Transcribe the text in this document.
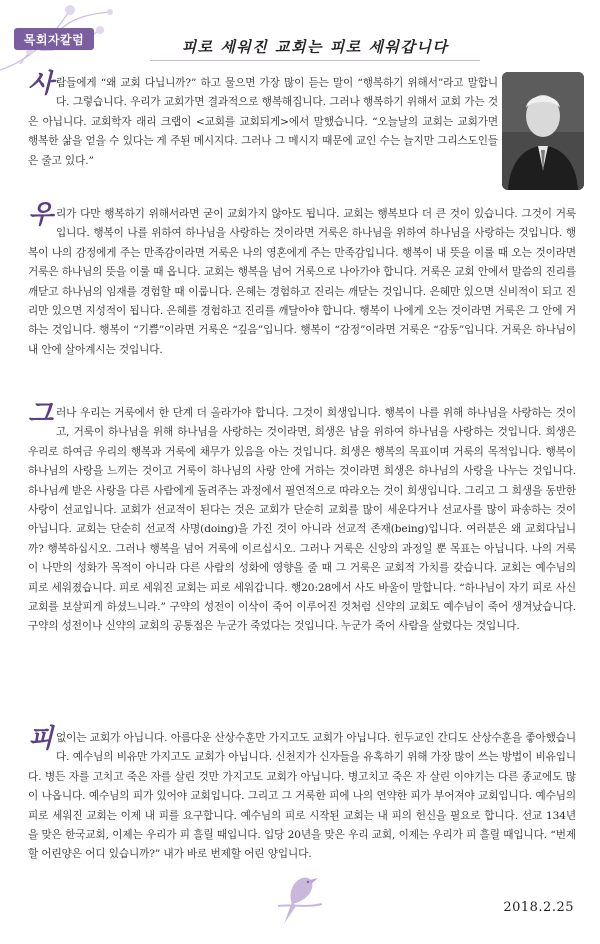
목회자칼럼	피로 세워진 교회는 피로 세워갑니다
사 람들에게 “왜 교회 다닙니까?” 하고 물으면 가장 많이 듣는 말이 “행복하기 위해서”라고 말합니다. 그렇습니다. 우리가 교회가면 결과적으로 행복해집니다. 그러나 행복하기 위해서 교회 가는 것은 아닙니다. 교회학자 래리 크랩이 <교회를 교회되게>에서 말했습니다. “오늘날의 교회는 교회가면 행복한 삶을 얻을 수 있다는 게 주된 메시지다. 그러나 그 메시지 때문에 교인 수는 늘지만 그리스도인들은 줄고 있다.”
우 리가 다만 행복하기 위해서라면 굳이 교회가지 않아도 됩니다. 교회는 행복보다 더 큰 것이 있습니다. 그것이 거룩입니다. 행복이 나를 위하여 하나님을 사랑하는 것이라면 거룩은 하나님을 위하여 하나님을 사랑하는 것입니다. 행복이 나의 감정에게 주는 만족감이라면 거룩은 나의 영혼에게 주는 만족감입니다. 행복이 내 뜻을 이룰 때 오는 것이라면 거룩은 하나님의 뜻을 이룰 때 옵니다. 교회는 행복을 넘어 거룩으로 나아가야 합니다. 거룩은 교회 안에서 말씀의 진리를 깨닫고 하나님의 임재를 경험할 때 이룹니다. 은혜는 경험하고 진리는 깨닫는 것입니다. 은혜만 있으면 신비적이 되고 진리만 있으면 지성적이 됩니다. 은혜를 경험하고 진리를 깨달아야 합니다. 행복이 나에게 오는 것이라면 거룩은 그 안에 거하는 것입니다. 행복이 “기쁨”이라면 거룩은 “깊음”입니다. 행복이 “감정”이라면 거룩은 “감동”입니다. 거룩은 하나님이 내 안에 살아계시는 것입니다.
그 러나 우리는 거룩에서 한 단계 더 올라가야 합니다. 그것이 희생입니다. 행복이 나를 위해 하나님을 사랑하는 것이고, 거룩이 하나님을 위해 하나님을 사랑하는 것이라면, 희생은 남을 위하여 하나님을 사랑하는 것입니다. 희생은 우리로 하여금 우리의 행복과 거룩에 채무가 있음을 아는 것입니다. 희생은 행복의 목표이며 거룩의 목적입니다. 행복이 하나님의 사랑을 느끼는 것이고 거룩이 하나님의 사랑 안에 거하는 것이라면 희생은 하나님의 사랑을 나누는 것입니다. 하나님께 받은 사랑을 다른 사람에게 돌려주는 과정에서 필연적으로 따라오는 것이 희생입니다. 그리고 그 희생을 동반한 사랑이 선교입니다. 교회가 선교적이 된다는 것은 교회가 단순히 교회를 많이 세운다거나 선교사를 많이 파송하는 것이 아닙니다. 교회는 단순히 선교적 사명(doing)을 가진 것이 아니라 선교적 존재(being)입니다. 여러분은 왜 교회다닙니까? 행복하십시오. 그러나 행복을 넘어 거룩에 이르십시오. 그러나 거룩은 신앙의 과정일 뿐 목표는 아닙니다. 나의 거룩이 나만의 성화가 목적이 아니라 다른 사람의 성화에 영향을 줄 때 그 거룩은 교회적 가치를 갖습니다. 교회는 예수님의 피로 세워졌습니다. 피로 세워진 교회는 피로 세워갑니다. 행20:28에서 사도 바울이 말합니다. “하나님이 자기 피로 사신 교회를 보살피게 하셨느니라.” 구약의 성전이 이삭이 죽어 이루어진 것처럼 신약의 교회도 예수님이 죽어 생겨났습니다. 구약의 성전이나 신약의 교회의 공통점은 누군가 죽었다는 것입니다. 누군가 죽어 사람을 살렸다는 것입니다.
피 없이는 교회가 아닙니다. 아름다운 산상수훈만 가지고도 교회가 아닙니다. 힌두교인 간디도 산상수훈을 좋아했습니다. 예수님의 비유만 가지고도 교회가 아닙니다. 신천지가 신자들을 유혹하기 위해 가장 많이 쓰는 방법이 비유입니다. 병든 자를 고치고 죽은 자를 살린 것만 가지고도 교회가 아닙니다. 병고치고 죽은 자 살린 이야기는 다른 종교에도 많이 나옵니다. 예수님의 피가 있어야 교회입니다. 그리고 그 거룩한 피에 나의 연약한 피가 부어져야 교회입니다. 예수님의 피로 세워진 교회는 이제 내 피를 요구합니다. 예수님의 피로 시작된 교회는 내 피의 헌신을 필요로 합니다. 선교 134년을 맞은 한국교회, 이제는 우리가 피 흘릴 때입니다. 입당 20년을 맞은 우리 교회, 이제는 우리가 피 흘릴 때입니다. “번제할 어린양은 어디 있습니까?” 내가 바로 번제할 어린 양입니다.
2018.2.25
